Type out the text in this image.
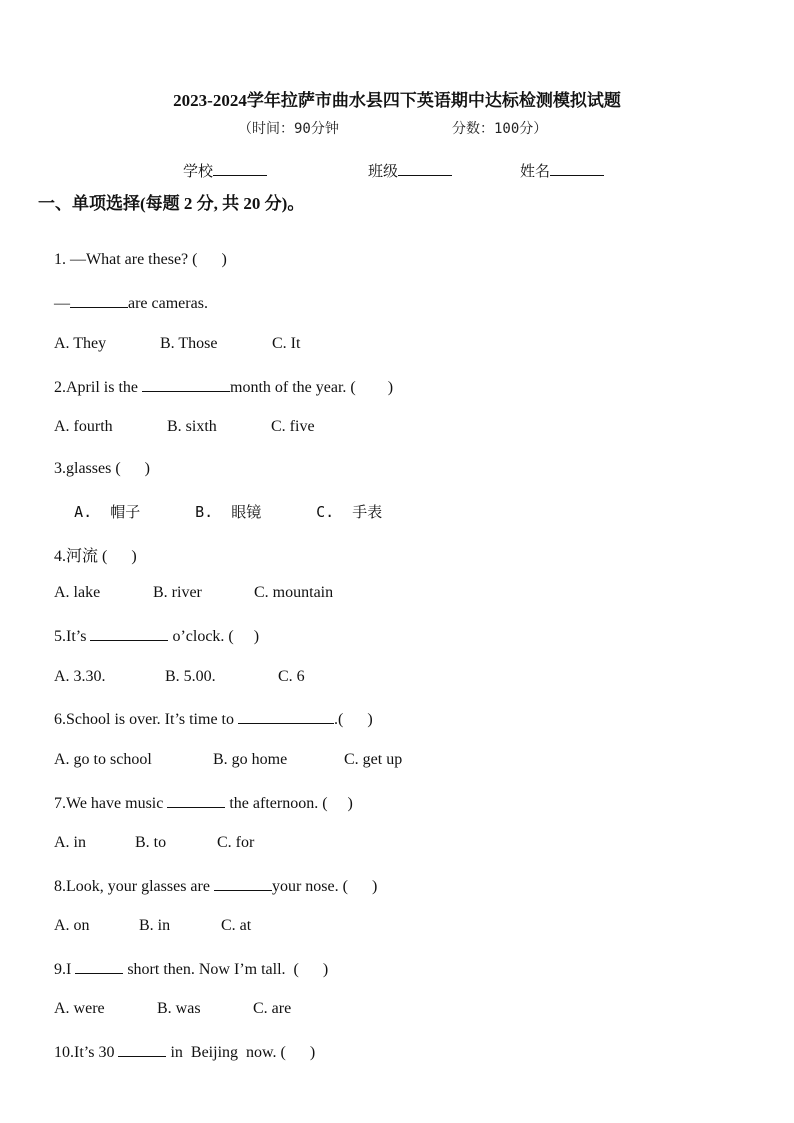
2023-2024学年拉萨市曲水县四下英语期中达标检测模拟试题
（时间：90分钟	分数：100分）
学校	班级	姓名
一、单项选择(每题 2 分, 共 20 分)。

1. —What are these? (      )

—	are cameras.

A. They	B. Those	C. It

2.April is the	month of the year. (        )

A. fourth	B. sixth	C. five

3.glasses (      )

A.  帽子	B.  眼镜	C.  手表

4.河流 (      )

A. lake	B. river	C. mountain

5.It’s	o’clock. (     )

A. 3.30.	B. 5.00.	C. 6

6.School is over. It’s time to	.(      )

A. go to school	B. go home	C. get up

7.We have music	the afternoon. (     )

A. in	B. to	C. for

8.Look, your glasses are	your nose. (      )

A. on	B. in	C. at

9.I	short then. Now I’m tall.  (      )

A. were	B. was	C. are

10.It’s 30	in  Beijing  now. (      )
